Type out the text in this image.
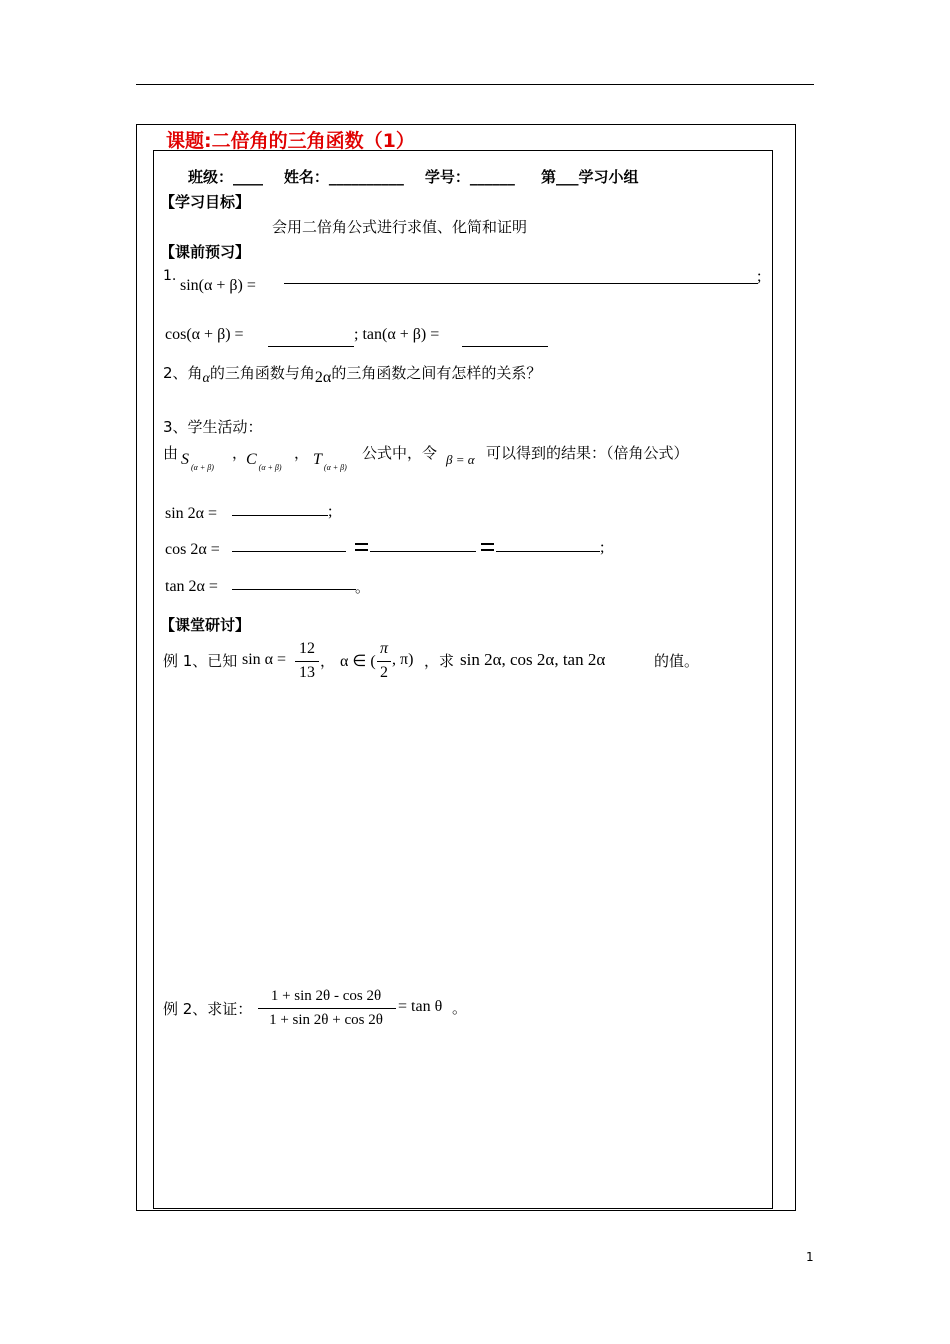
课题:二倍角的三角函数（1）
班级：____ 姓名：__________ 学号：______ 第___学习小组
【学习目标】
会用二倍角公式进行求值、化简和证明
【课前预习】
1.
sin(α + β) =
;
cos(α + β) =	; tan(α + β) =
2、角α的三角函数与角2α的三角函数之间有怎样的关系？
3、学生活动：
由 S $_{(\alpha + \beta)}$
，
C $_{(\alpha + \beta)}$
， T $_{(\alpha + \beta)}$
公式中，令 β = α 可以得到的结果：（倍角公式）
sin 2α =	;
cos 2α =	;
tan 2α =	。
【课堂研讨】
例 1、已知 sin α =
12
13
， α ∈ (
π
2
, π) ，求 sin 2α, cos 2α, tan 2α	的值。
例 2、求证：
1 + sin 2θ - cos 2θ
1 + sin 2θ + cos 2θ
= tan θ 。
1
